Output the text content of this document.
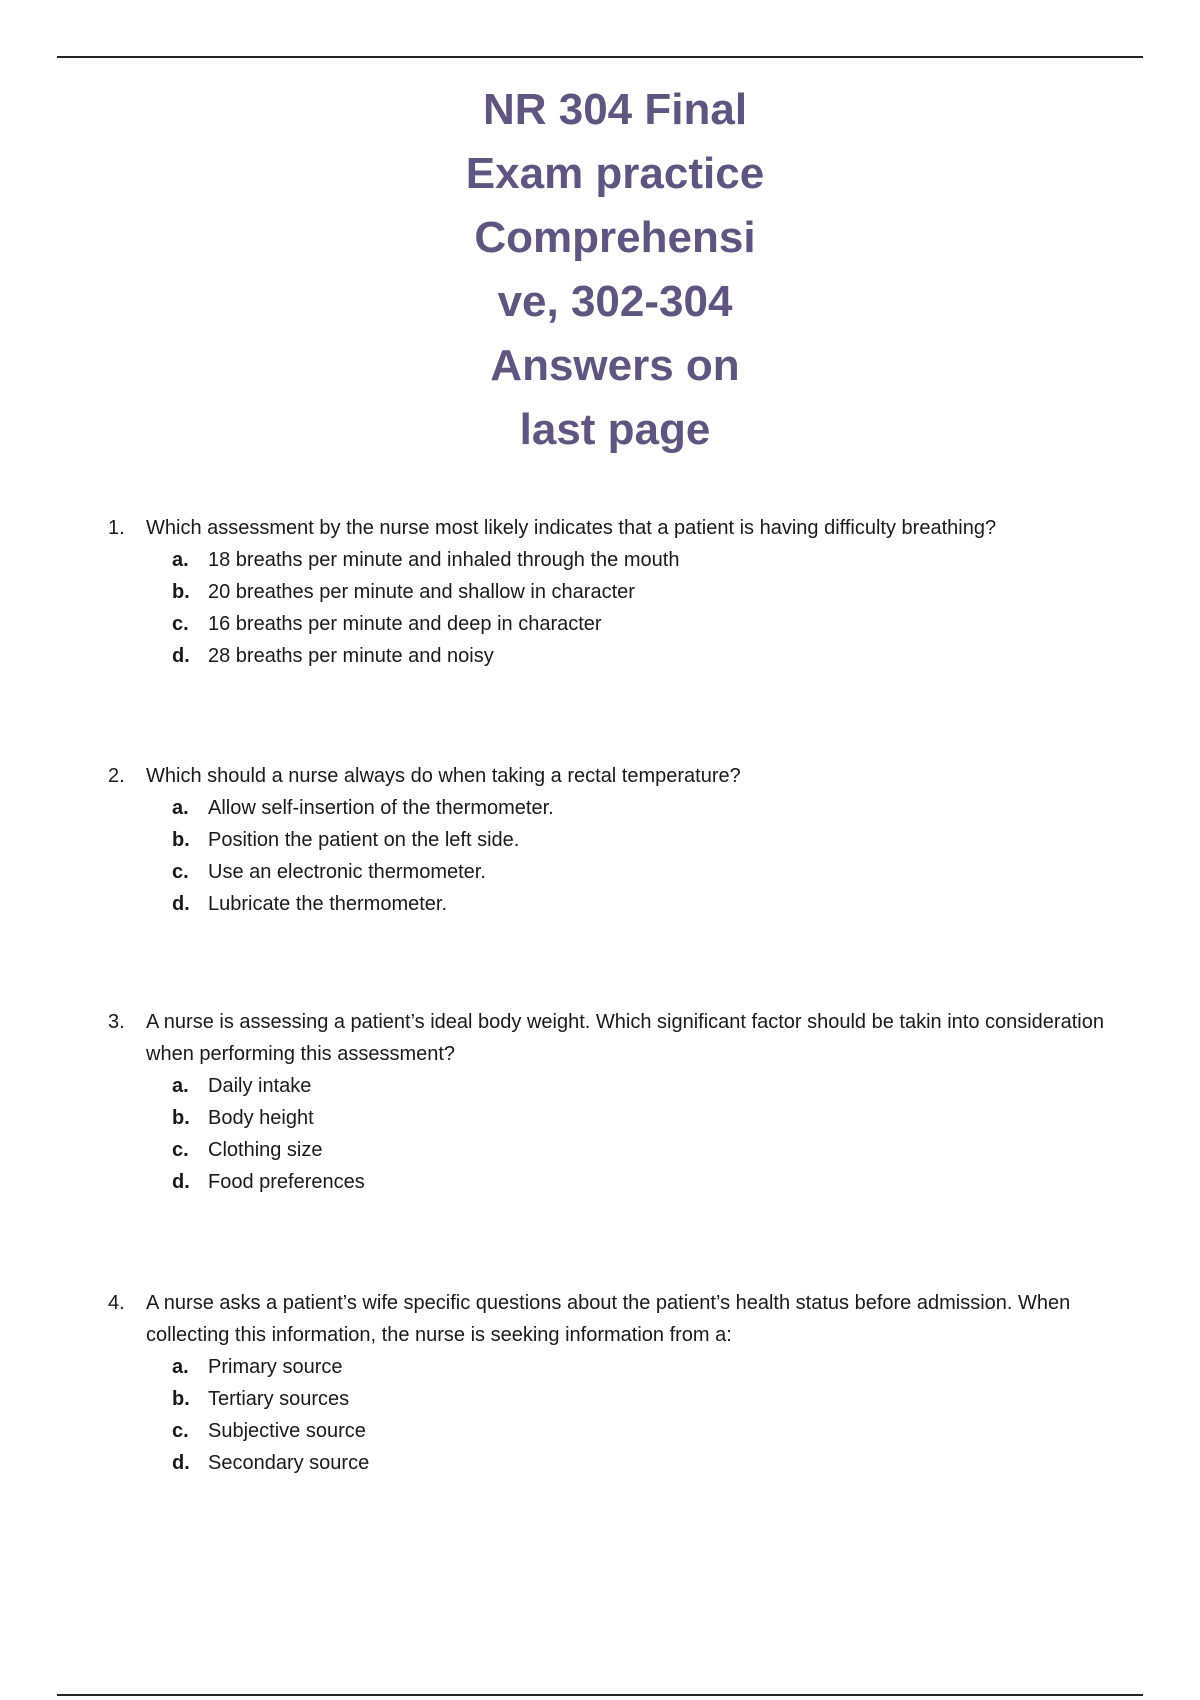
NR 304 Final
Exam practice
Comprehensi
ve, 302-304
Answers on
last page
1. Which assessment by the nurse most likely indicates that a patient is having difficulty breathing?
a. 18 breaths per minute and inhaled through the mouth
b. 20 breathes per minute and shallow in character
c. 16 breaths per minute and deep in character
d. 28 breaths per minute and noisy
2. Which should a nurse always do when taking a rectal temperature?
a. Allow self-insertion of the thermometer.
b. Position the patient on the left side.
c. Use an electronic thermometer.
d. Lubricate the thermometer.
3. A nurse is assessing a patient’s ideal body weight. Which significant factor should be takin into consideration when performing this assessment?
a. Daily intake
b. Body height
c. Clothing size
d. Food preferences
4. A nurse asks a patient’s wife specific questions about the patient’s health status before admission. When collecting this information, the nurse is seeking information from a:
a. Primary source
b. Tertiary sources
c. Subjective source
d. Secondary source
